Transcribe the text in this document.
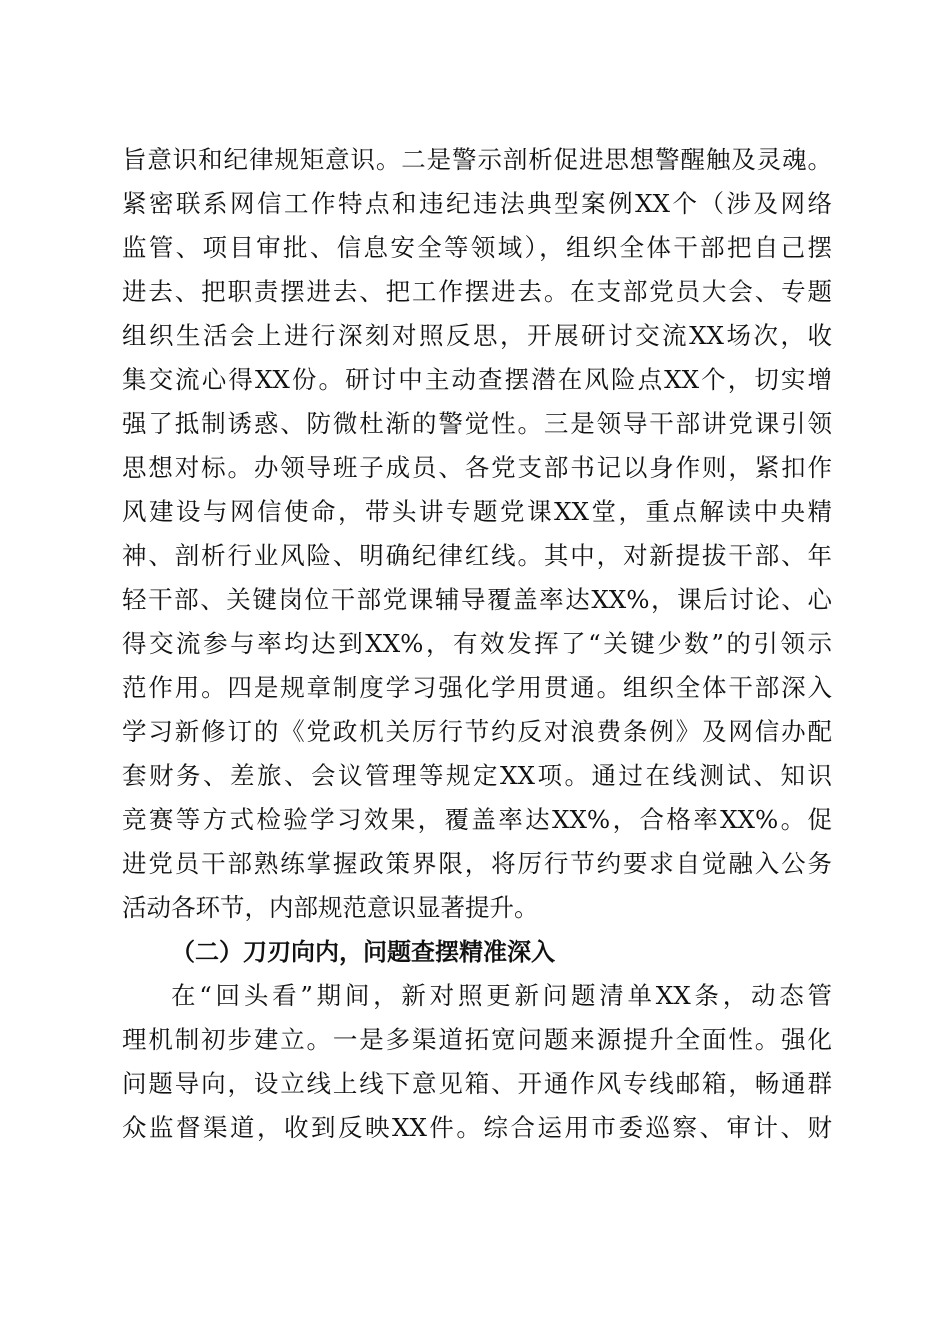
旨意识和纪律规矩意识。二是警示剖析促进思想警醒触及灵魂。
紧密联系网信工作特点和违纪违法典型案例XX个（涉及网络
监管、项目审批、信息安全等领域），组织全体干部把自己摆
进去、把职责摆进去、把工作摆进去。在支部党员大会、专题
组织生活会上进行深刻对照反思，开展研讨交流XX场次，收
集交流心得XX份。研讨中主动查摆潜在风险点XX个，切实增
强了抵制诱惑、防微杜渐的警觉性。三是领导干部讲党课引领
思想对标。办领导班子成员、各党支部书记以身作则，紧扣作
风建设与网信使命，带头讲专题党课XX堂，重点解读中央精
神、剖析行业风险、明确纪律红线。其中，对新提拔干部、年
轻干部、关键岗位干部党课辅导覆盖率达XX%，课后讨论、心
得交流参与率均达到XX%，有效发挥了“关键少数”的引领示
范作用。四是规章制度学习强化学用贯通。组织全体干部深入
学习新修订的《党政机关厉行节约反对浪费条例》及网信办配
套财务、差旅、会议管理等规定XX项。通过在线测试、知识
竞赛等方式检验学习效果，覆盖率达XX%，合格率XX%。促
进党员干部熟练掌握政策界限，将厉行节约要求自觉融入公务
活动各环节，内部规范意识显著提升。
（二）刀刃向内，问题查摆精准深入
在“回头看”期间，新对照更新问题清单XX条，动态管
理机制初步建立。一是多渠道拓宽问题来源提升全面性。强化
问题导向，设立线上线下意见箱、开通作风专线邮箱，畅通群
众监督渠道，收到反映XX件。综合运用市委巡察、审计、财
